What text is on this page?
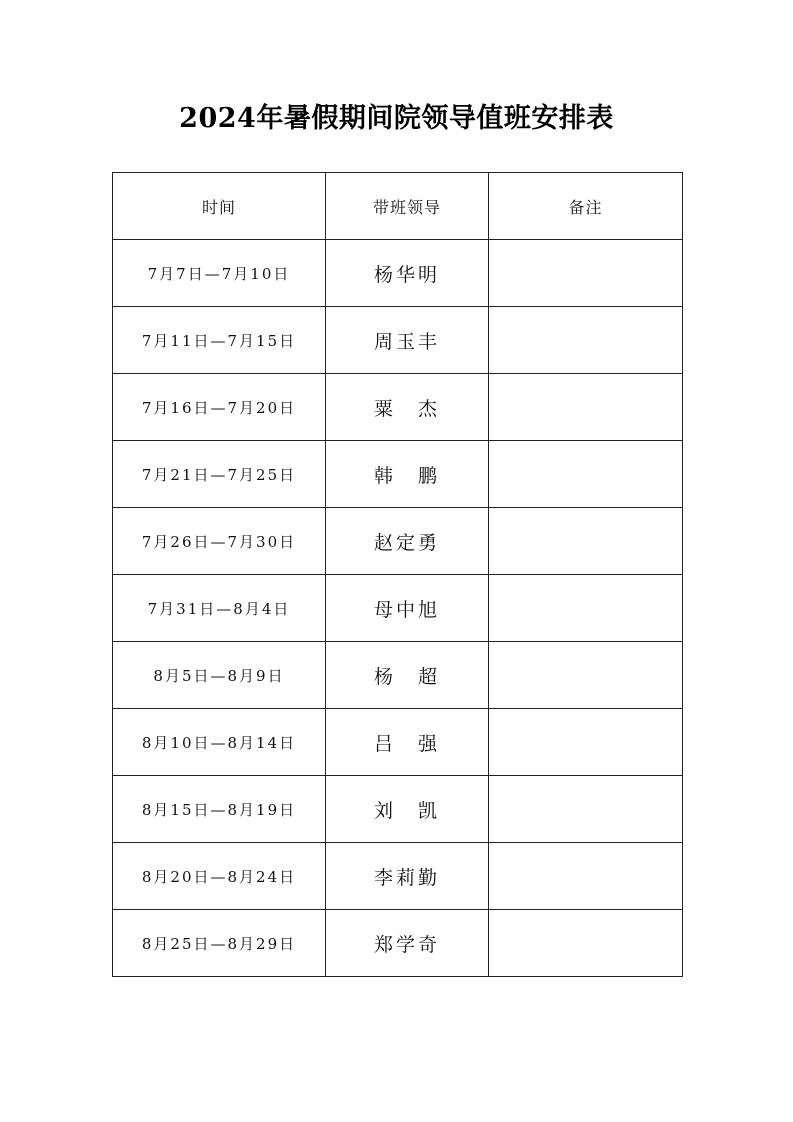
2024年暑假期间院领导值班安排表
时间	带班领导	备注
7月7日—7月10日	杨华明	
7月11日—7月15日	周玉丰	
7月16日—7月20日	粟　杰	
7月21日—7月25日	韩　鹏	
7月26日—7月30日	赵定勇	
7月31日—8月4日	母中旭	
8月5日—8月9日	杨　超	
8月10日—8月14日	吕　强	
8月15日—8月19日	刘　凯	
8月20日—8月24日	李莉勤	
8月25日—8月29日	郑学奇	
